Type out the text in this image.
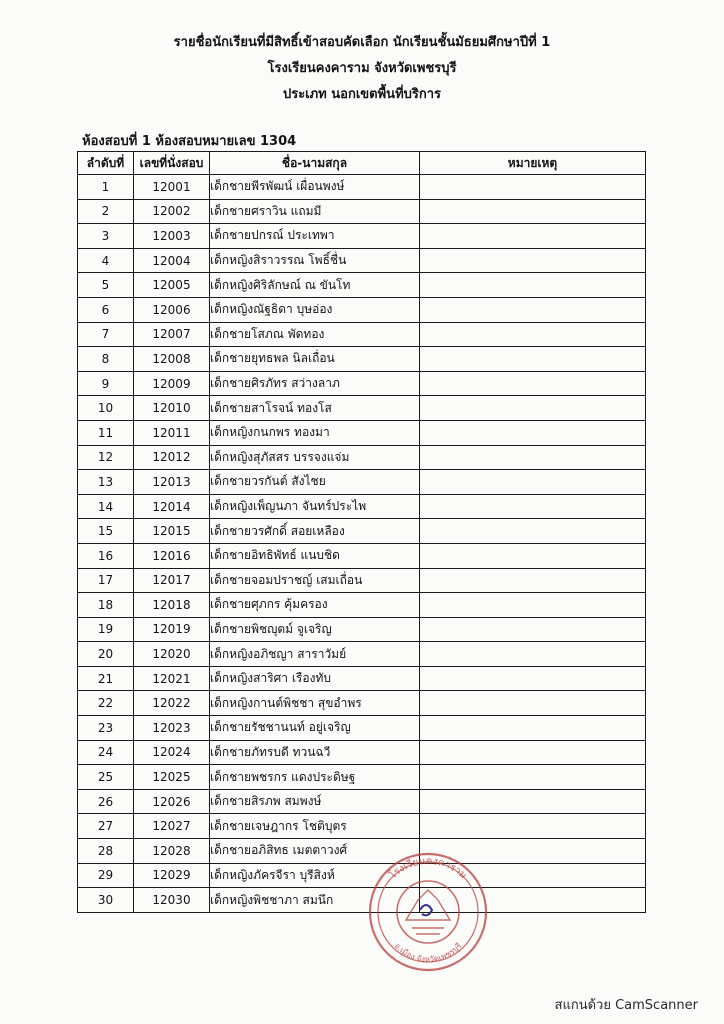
รายชื่อนักเรียนที่มีสิทธิ์เข้าสอบคัดเลือก นักเรียนชั้นมัธยมศึกษาปีที่ 1
โรงเรียนคงคาราม จังหวัดเพชรบุรี
ประเภท นอกเขตพื้นที่บริการ
ห้องสอบที่ 1 ห้องสอบหมายเลข 1304
ลำดับที่	เลขที่นั่งสอบ	ชื่อ-นามสกุล	หมายเหตุ
1	12001	เด็กชายพีรพัฒน์ เผื่อนพงษ์	
2	12002	เด็กชายศราวิน แถมมี	
3	12003	เด็กชายปกรณ์ ประเทพา	
4	12004	เด็กหญิงสิราวรรณ โพธิ์ชื่น	
5	12005	เด็กหญิงศิริลักษณ์ ณ ขันโท	
6	12006	เด็กหญิงณัฐธิดา บุษอ่อง	
7	12007	เด็กชายโสภณ พัดทอง	
8	12008	เด็กชายยุทธพล นิลเถื่อน	
9	12009	เด็กชายศิรภัทร สว่างลาภ	
10	12010	เด็กชายสาโรจน์ ทองโส	
11	12011	เด็กหญิงกนกพร ทองมา	
12	12012	เด็กหญิงสุภัสสร บรรจงแจ่ม	
13	12013	เด็กชายวรกันต์ สังไชย	
14	12014	เด็กหญิงเพ็ญนภา จันทร์ประไพ	
15	12015	เด็กชายวรศักดิ์ สอยเหลือง	
16	12016	เด็กชายอิทธิพัทธ์ แนบชิด	
17	12017	เด็กชายจอมปราชญ์ เสมเถื่อน	
18	12018	เด็กชายศุภกร คุ้มครอง	
19	12019	เด็กชายพิชญุตม์ จูเจริญ	
20	12020	เด็กหญิงอภิชญา สาราวัมย์	
21	12021	เด็กหญิงสาริศา เรืองทับ	
22	12022	เด็กหญิงกานต์พิชชา สุขอำพร	
23	12023	เด็กชายรัชชานนท์ อยู่เจริญ	
24	12024	เด็กชายภัทรบดี ทวนฉวี	
25	12025	เด็กชายพชรกร แดงประดิษฐ	
26	12026	เด็กชายสิรภพ สมพงษ์	
27	12027	เด็กชายเจษฎากร โชติบุตร	
28	12028	เด็กชายอภิสิทธ เมตตาวงศ์	
29	12029	เด็กหญิงภัครจีรา บุรีสิงห์	
30	12030	เด็กหญิงพิชชาภา สมนึก	
โรงเรียนคงคาราม
อ.เมือง จังหวัดเพชรบุรี
สแกนด้วย CamScanner
